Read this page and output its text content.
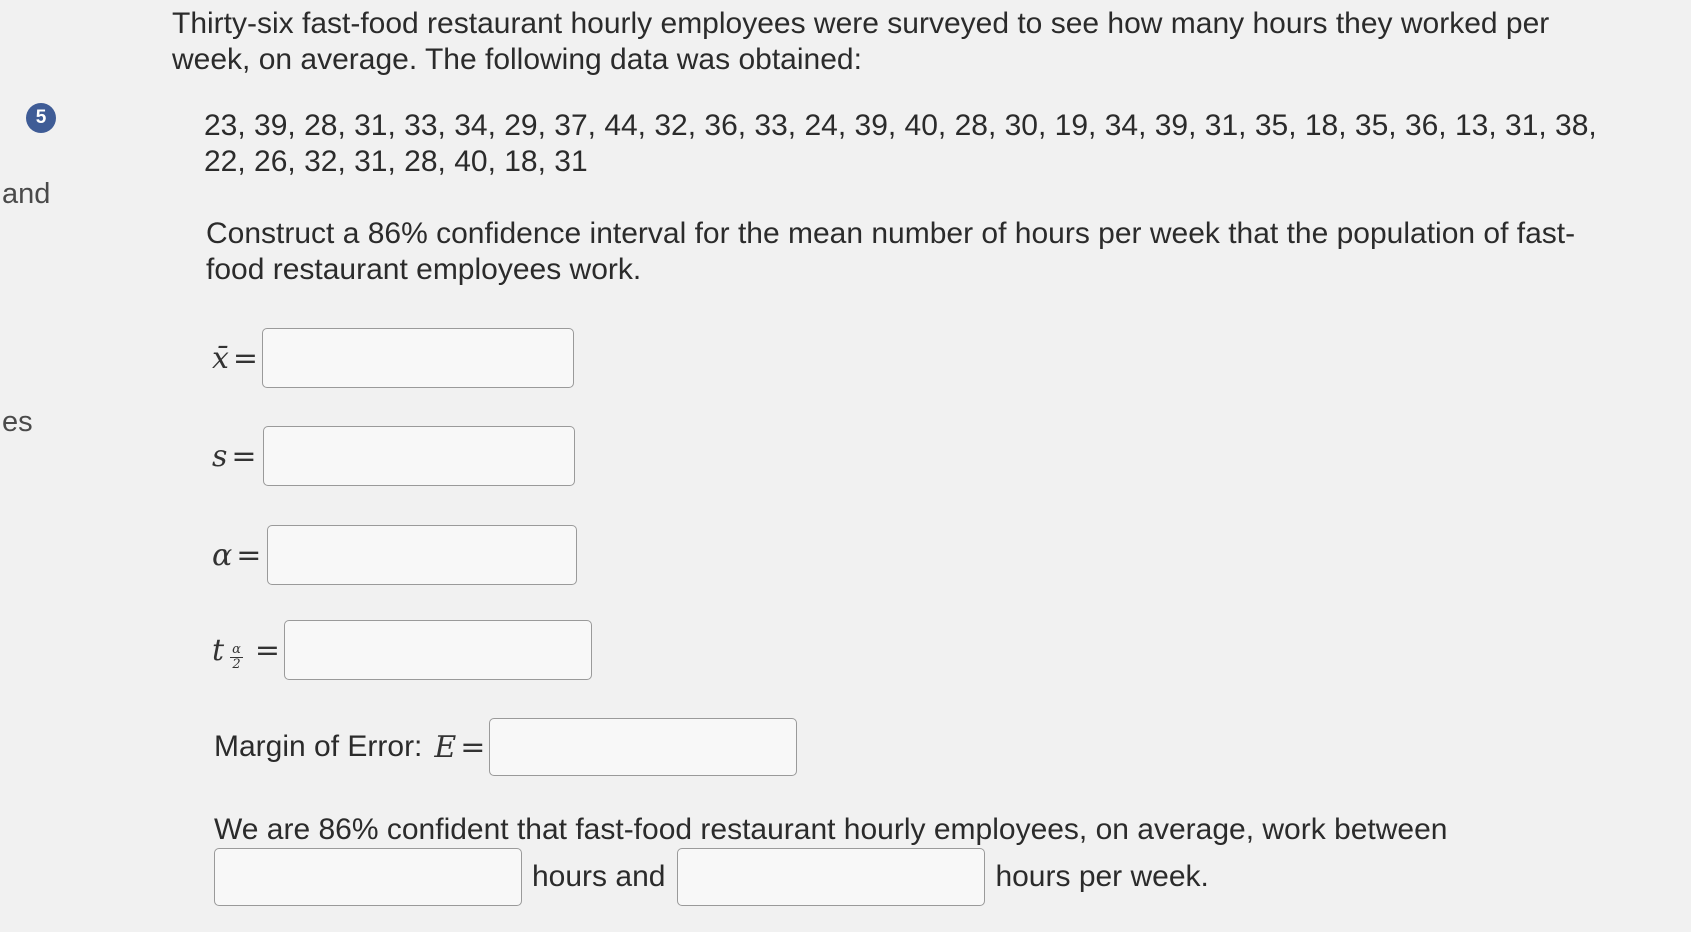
and
es
5
Thirty-six fast-food restaurant hourly employees were surveyed to see how many hours they worked per week, on average. The following data was obtained:
23, 39, 28, 31, 33, 34, 29, 37, 44, 32, 36, 33, 24, 39, 40, 28, 30, 19, 34, 39, 31, 35, 18, 35, 36, 13, 31, 38, 22, 26, 32, 31, 28, 40, 18, 31
Construct a 86% confidence interval for the mean number of hours per week that the population of fast-food restaurant employees work.
x̄ =
s =
α =
t $\frac{\alpha}{2}$ =
Margin of Error: E =
We are 86% confident that fast-food restaurant hourly employees, on average, work between
hours and	hours per week.
